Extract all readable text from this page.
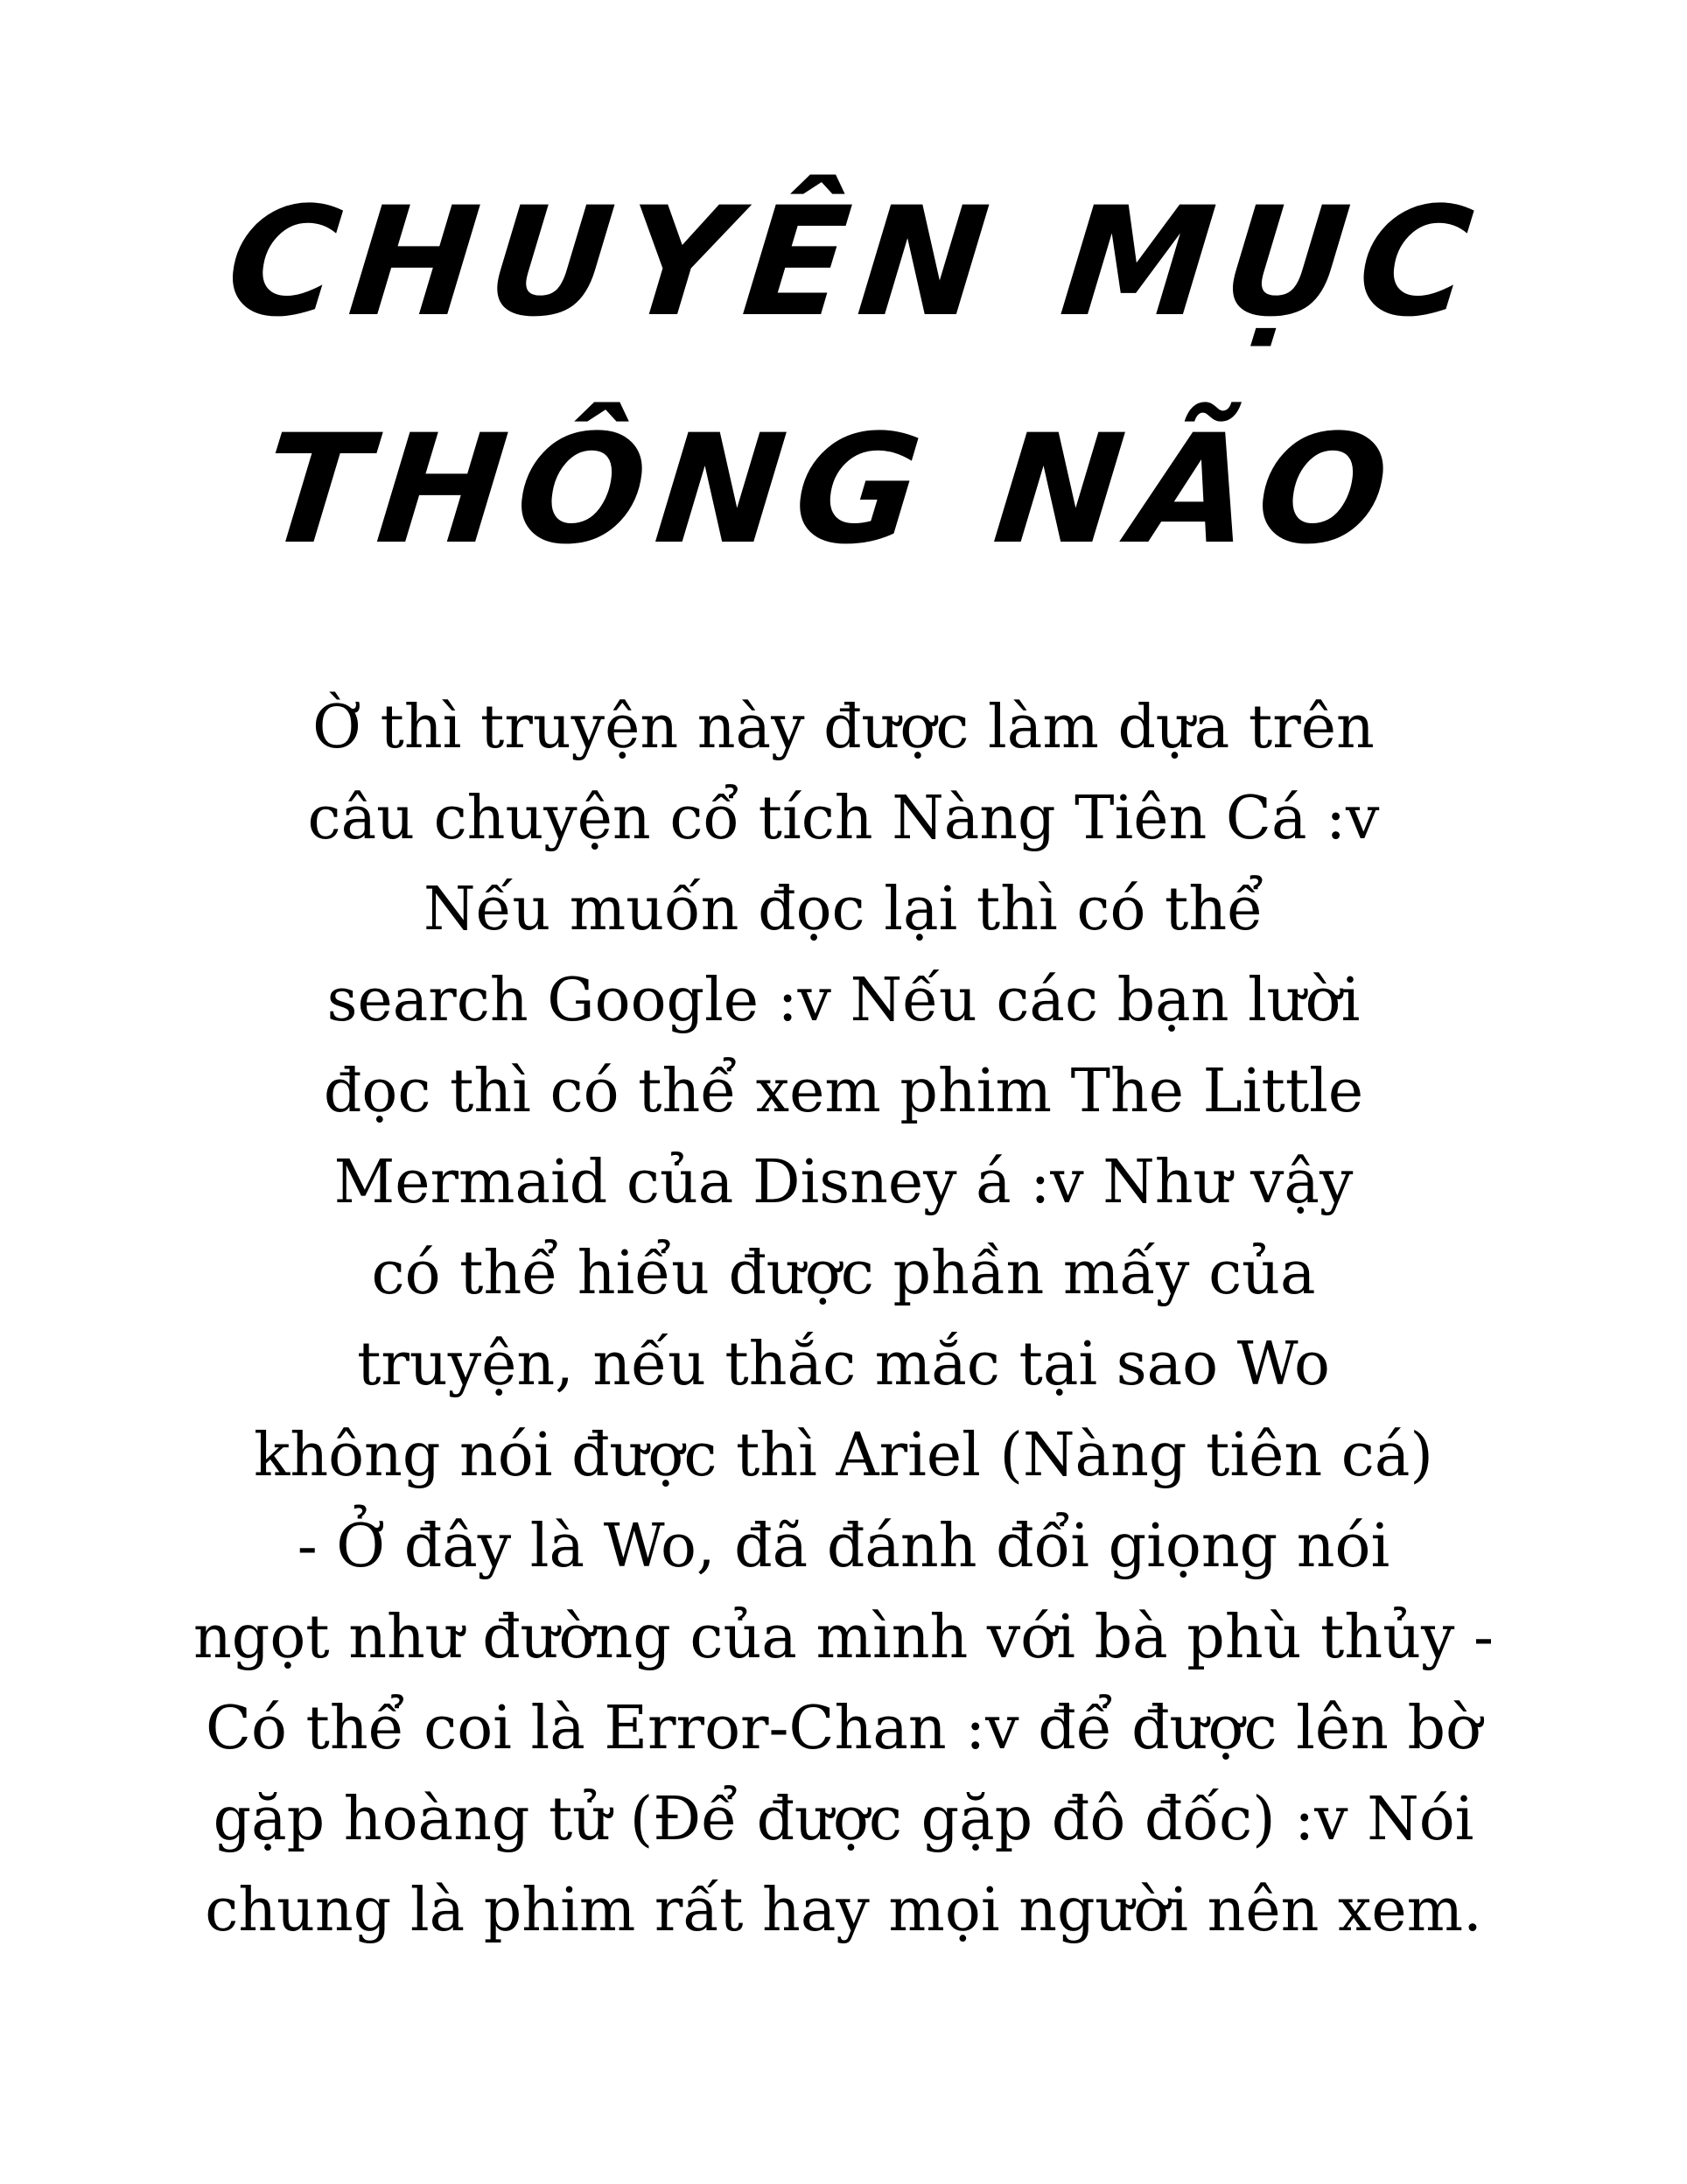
CHUYÊN MỤC
THÔNG NÃO
Ờ thì truyện này được làm dựa trên
câu chuyện cổ tích Nàng Tiên Cá :v
Nếu muốn đọc lại thì có thể
search Google :v Nếu các bạn lười
đọc thì có thể xem phim The Little
Mermaid của Disney á :v Như vậy
có thể hiểu được phần mấy của
truyện, nếu thắc mắc tại sao Wo
không nói được thì Ariel (Nàng tiên cá)
- Ở đây là Wo, đã đánh đổi giọng nói
ngọt như đường của mình với bà phù thủy -
Có thể coi là Error-Chan :v để được lên bờ
gặp hoàng tử (Để được gặp đô đốc) :v Nói
chung là phim rất hay mọi người nên xem.
